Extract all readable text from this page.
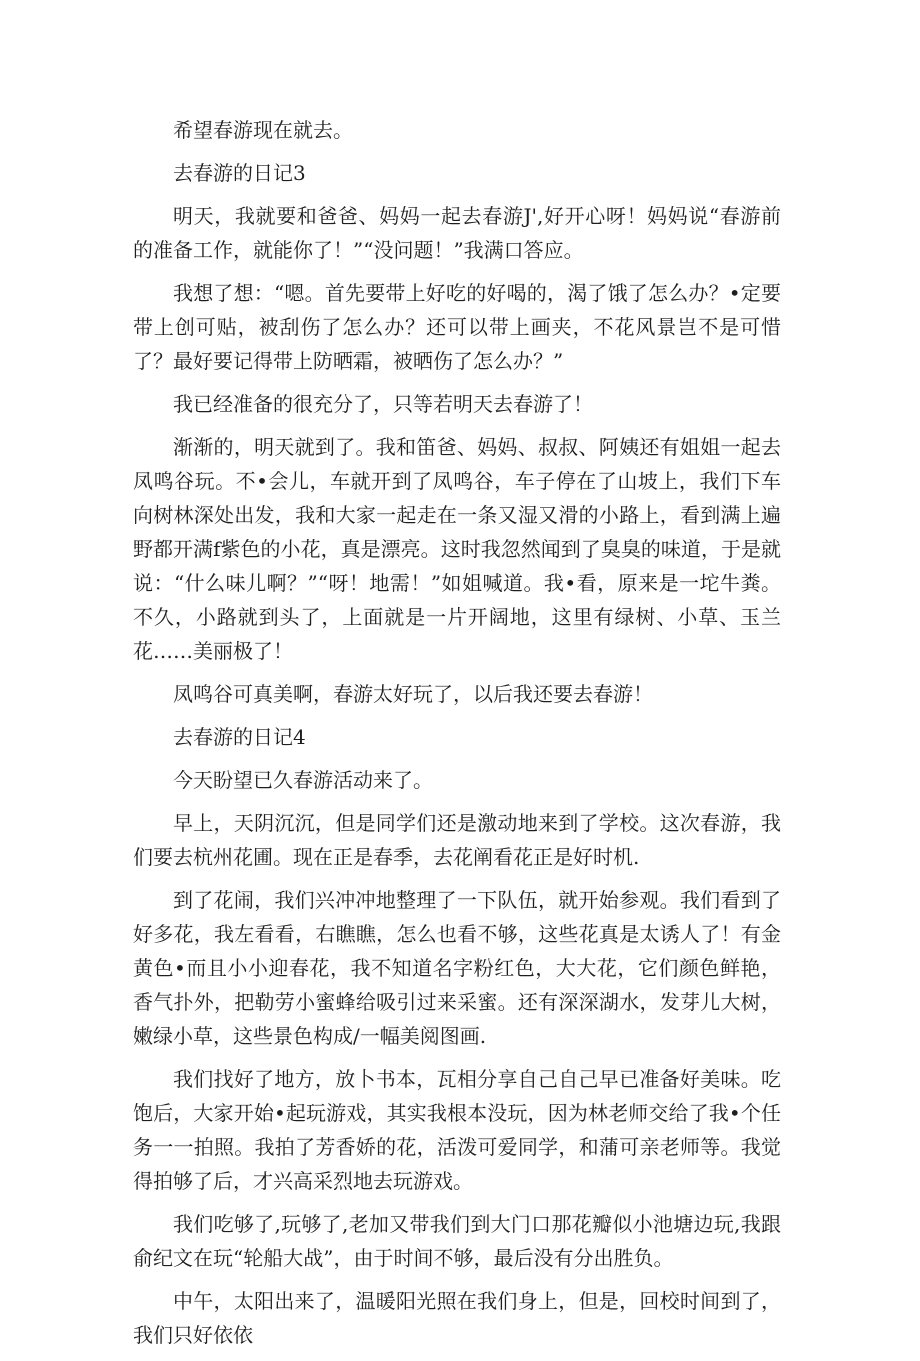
希望春游现在就去。

去春游的日记3

明天，我就要和爸爸、妈妈一起去春游J',好开心呀！妈妈说“春游前的准备工作，就能你了！”“没问题！”我满口答应。

我想了想：“嗯。首先要带上好吃的好喝的，渴了饿了怎么办？•定要带上创可贴，被刮伤了怎么办？还可以带上画夹，不花风景岂不是可惜了？最好要记得带上防晒霜，被晒伤了怎么办？”

我已经准备的很充分了，只等若明天去春游了！

渐渐的，明天就到了。我和笛爸、妈妈、叔叔、阿姨还有姐姐一起去凤鸣谷玩。不•会儿，车就开到了凤鸣谷，车子停在了山坡上，我们下车向树林深处出发，我和大家一起走在一条又湿又滑的小路上，看到满上遍野都开满f紫色的小花，真是漂亮。这时我忽然闻到了臭臭的味道，于是就说：“什么味儿啊？”“呀！地需！”如姐喊道。我•看，原来是一坨牛粪。不久，小路就到头了，上面就是一片开阔地，这里有绿树、小草、玉兰花……美丽极了！

凤鸣谷可真美啊，春游太好玩了，以后我还要去春游！

去春游的日记4

今天盼望已久春游活动来了。

早上，天阴沉沉，但是同学们还是激动地来到了学校。这次春游，我们要去杭州花圃。现在正是春季，去花阐看花正是好时机.

到了花闹，我们兴冲冲地整理了一下队伍，就开始参观。我们看到了好多花，我左看看，右瞧瞧，怎么也看不够，这些花真是太诱人了！有金黄色•而且小小迎春花，我不知道名字粉红色，大大花，它们颜色鲜艳，香气扑外，把勒劳小蜜蜂给吸引过来采蜜。还有深深湖水，发芽儿大树，嫩绿小草，这些景色构成/一幅美阅图画.

我们找好了地方，放卜书本，瓦相分享自己自己早已准备好美味。吃饱后，大家开始•起玩游戏，其实我根本没玩，因为林老师交给了我•个任务一一拍照。我拍了芳香娇的花，活泼可爱同学，和蒲可亲老师等。我觉得拍够了后，才兴高采烈地去玩游戏。

我们吃够了,玩够了,老加又带我们到大门口那花瓣似小池塘边玩,我跟俞纪文在玩“轮船大战”，由于时间不够，最后没有分出胜负。

中午，太阳出来了，温暖阳光照在我们身上，但是，回校时间到了，我们只好依依
